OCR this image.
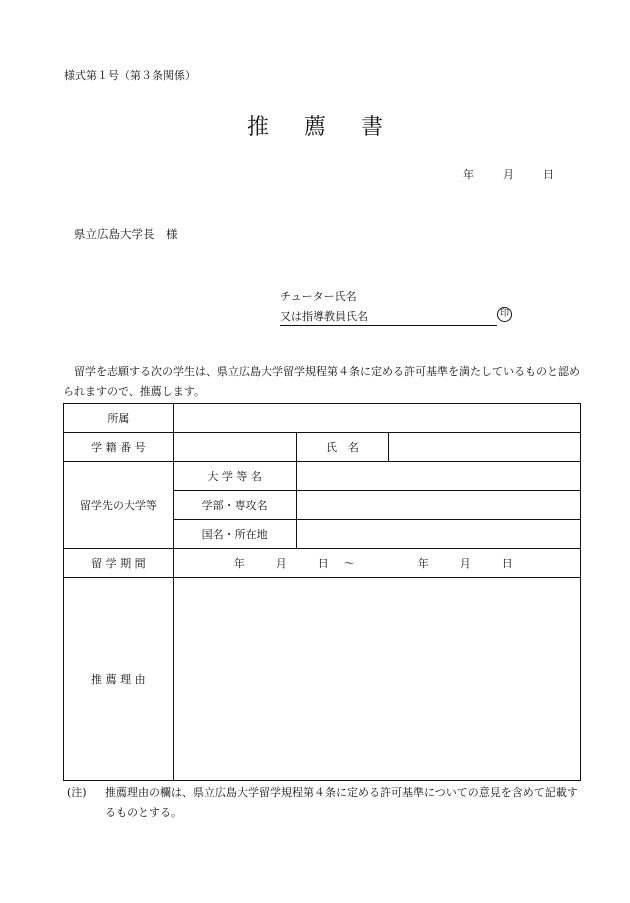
様式第１号（第３条関係）
推 薦 書
年	月	日
県立広島大学長　様
チューター氏名
又は指導教員氏名	印
留学を志願する次の学生は、県立広島大学留学規程第４条に定める許可基準を満たしているものと認められますので、推薦します。
所属			
学 籍 番 号		氏　名	
留学先の大学等	大 学 等 名		
	学部・専攻名		
	国名・所在地		
留 学 期 間	年 月 日 〜 年 月 日		
推 薦 理 由			
(注) 推薦理由の欄は、県立広島大学留学規程第４条に定める許可基準についての意見を含めて記載するものとする。
